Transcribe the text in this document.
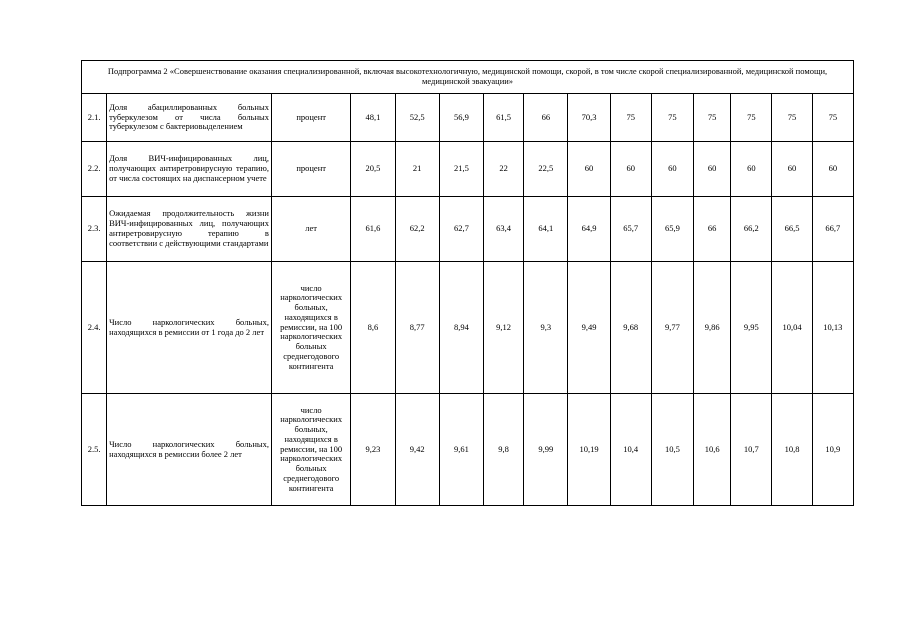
Подпрограмма 2 «Совершенствование оказания специализированной, включая высокотехнологичную, медицинской помощи, скорой, в том числе скорой специализированной, медицинской помощи, медицинской эвакуации»														
2.1.	Доля абациллированных больных туберкулезом от числа больных туберкулезом с бактериовыделением	процент	48,1	52,5	56,9	61,5	66	70,3	75	75	75	75	75	75
2.2.	Доля ВИЧ-инфицированных лиц, получающих антиретровирусную терапию, от числа состоящих на диспансерном учете	процент	20,5	21	21,5	22	22,5	60	60	60	60	60	60	60
2.3.	Ожидаемая продолжительность жизни ВИЧ-инфицированных лиц, получающих антиретровирусную терапию в соответствии с действующими стандартами	лет	61,6	62,2	62,7	63,4	64,1	64,9	65,7	65,9	66	66,2	66,5	66,7
2.4.	Число наркологических больных, находящихся в ремиссии от 1 года до 2 лет	число наркологических больных, находящихся в ремиссии, на 100 наркологических больных среднегодового контингента	8,6	8,77	8,94	9,12	9,3	9,49	9,68	9,77	9,86	9,95	10,04	10,13
2.5.	Число наркологических больных, находящихся в ремиссии более 2 лет	число наркологических больных, находящихся в ремиссии, на 100 наркологических больных среднегодового контингента	9,23	9,42	9,61	9,8	9,99	10,19	10,4	10,5	10,6	10,7	10,8	10,9
